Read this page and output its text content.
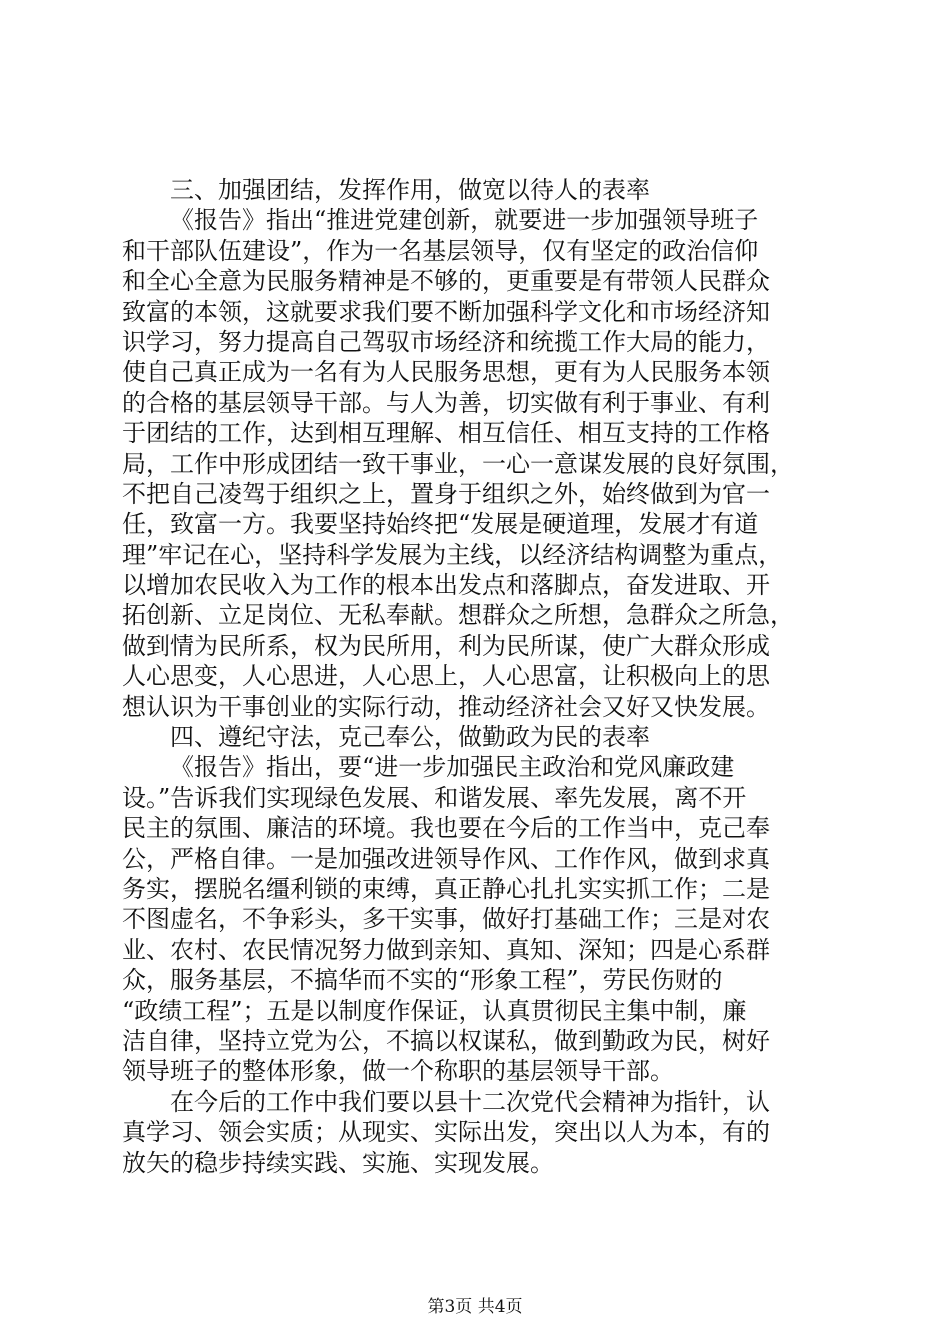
三、加强团结，发挥作用，做宽以待人的表率
《报告》指出“推进党建创新，就要进一步加强领导班子
和干部队伍建设”，作为一名基层领导，仅有坚定的政治信仰
和全心全意为民服务精神是不够的，更重要是有带领人民群众
致富的本领，这就要求我们要不断加强科学文化和市场经济知
识学习，努力提高自己驾驭市场经济和统揽工作大局的能力，
使自己真正成为一名有为人民服务思想，更有为人民服务本领
的合格的基层领导干部。与人为善，切实做有利于事业、有利
于团结的工作，达到相互理解、相互信任、相互支持的工作格
局，工作中形成团结一致干事业，一心一意谋发展的良好氛围，
不把自己凌驾于组织之上，置身于组织之外，始终做到为官一
任，致富一方。我要坚持始终把“发展是硬道理，发展才有道
理”牢记在心，坚持科学发展为主线，以经济结构调整为重点，
以增加农民收入为工作的根本出发点和落脚点，奋发进取、开
拓创新、立足岗位、无私奉献。想群众之所想，急群众之所急，
做到情为民所系，权为民所用，利为民所谋，使广大群众形成
人心思变，人心思进，人心思上，人心思富，让积极向上的思
想认识为干事创业的实际行动，推动经济社会又好又快发展。
四、遵纪守法，克己奉公，做勤政为民的表率
《报告》指出，要“进一步加强民主政治和党风廉政建
设。”告诉我们实现绿色发展、和谐发展、率先发展，离不开
民主的氛围、廉洁的环境。我也要在今后的工作当中，克己奉
公，严格自律。一是加强改进领导作风、工作作风，做到求真
务实，摆脱名缰利锁的束缚，真正静心扎扎实实抓工作；二是
不图虚名，不争彩头，多干实事，做好打基础工作；三是对农
业、农村、农民情况努力做到亲知、真知、深知；四是心系群
众，服务基层，不搞华而不实的“形象工程”，劳民伤财的
“政绩工程”；五是以制度作保证，认真贯彻民主集中制，廉
洁自律，坚持立党为公，不搞以权谋私，做到勤政为民，树好
领导班子的整体形象，做一个称职的基层领导干部。
在今后的工作中我们要以县十二次党代会精神为指针，认
真学习、领会实质；从现实、实际出发，突出以人为本，有的
放矢的稳步持续实践、实施、实现发展。
第3页 共4页
